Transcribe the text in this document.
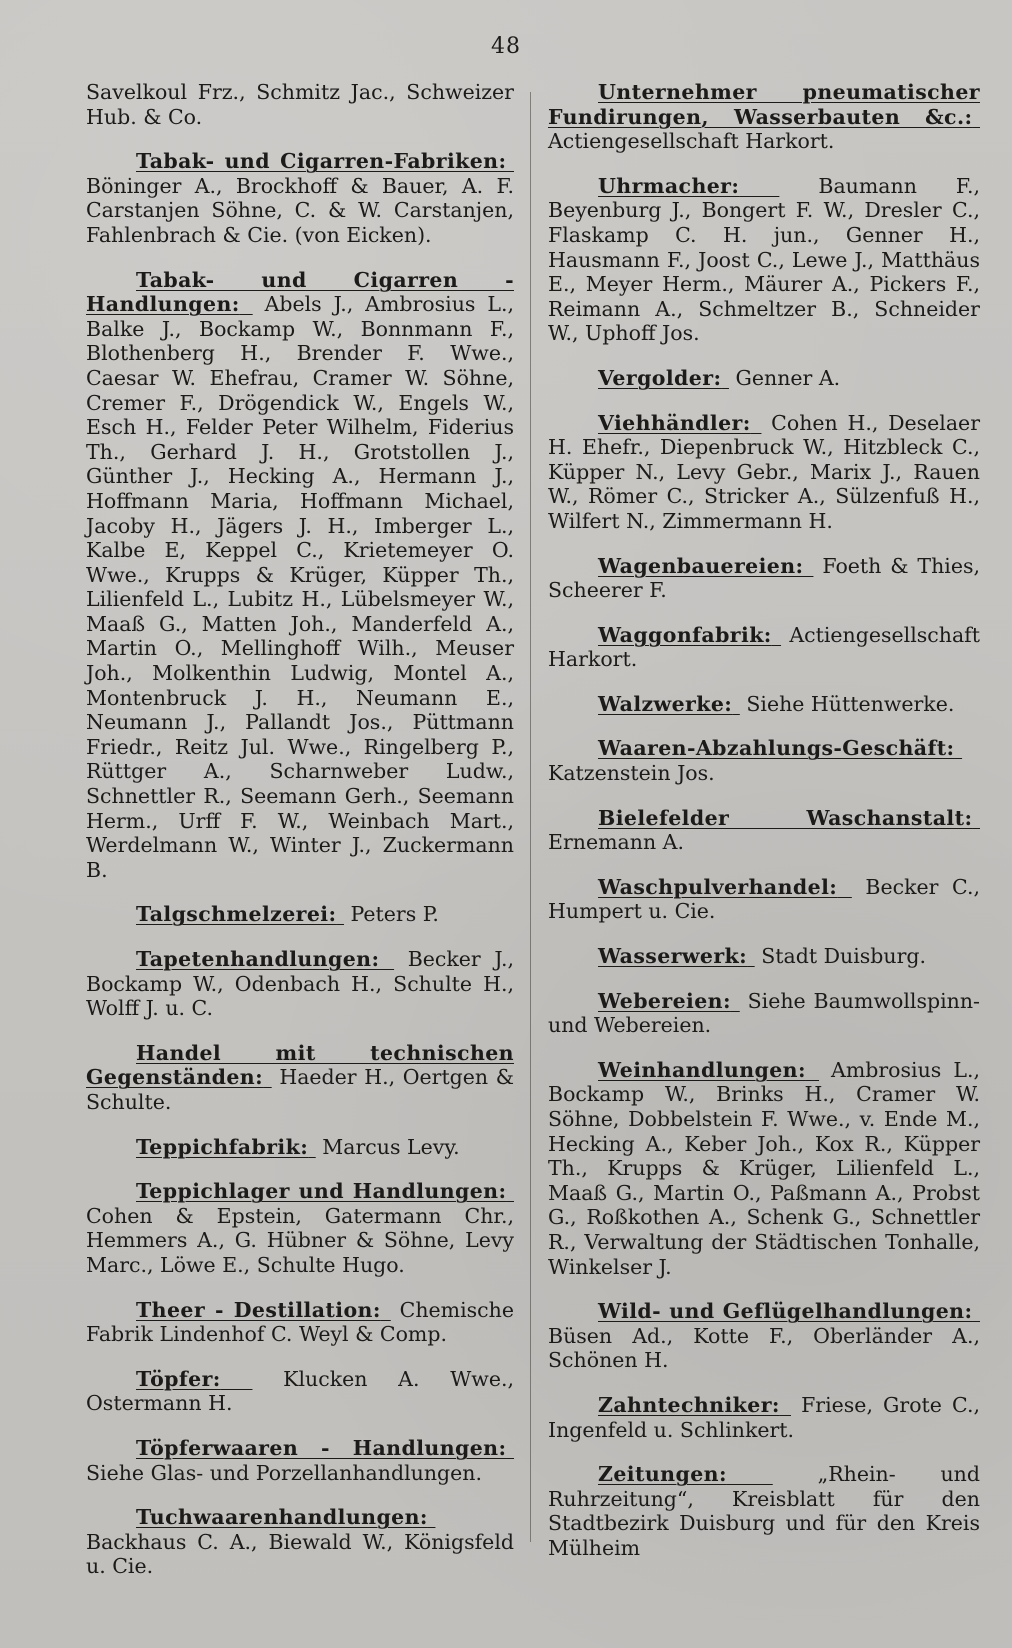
48

Savelkoul Frz., Schmitz Jac., Schweizer Hub. & Co.

Tabak- und Cigarren-Fabriken: Böninger A., Brockhoff & Bauer, A. F. Carstanjen Söhne, C. & W. Carstanjen, Fahlenbrach & Cie. (von Eicken).

Tabak- und Cigarren - Handlungen: Abels J., Ambrosius L., Balke J., Bockamp W., Bonnmann F., Blothenberg H., Brender F. Wwe., Caesar W. Ehefrau, Cramer W. Söhne, Cremer F., Drögendick W., Engels W., Esch H., Felder Peter Wilhelm, Fiderius Th., Gerhard J. H., Grotstollen J., Günther J., Hecking A., Hermann J., Hoffmann Maria, Hoffmann Michael, Jacoby H., Jägers J. H., Imberger L., Kalbe E, Keppel C., Krietemeyer O. Wwe., Krupps & Krüger, Küpper Th., Lilienfeld L., Lubitz H., Lübelsmeyer W., Maaß G., Matten Joh., Manderfeld A., Martin O., Mellinghoff Wilh., Meuser Joh., Molkenthin Ludwig, Montel A., Montenbruck J. H., Neumann E., Neumann J., Pallandt Jos., Püttmann Friedr., Reitz Jul. Wwe., Ringelberg P., Rüttger A., Scharnweber Ludw., Schnettler R., Seemann Gerh., Seemann Herm., Urff F. W., Weinbach Mart., Werdelmann W., Winter J., Zuckermann B.

Talgschmelzerei: Peters P.

Tapetenhandlungen: Becker J., Bockamp W., Odenbach H., Schulte H., Wolff J. u. C.

Handel mit technischen Gegenständen: Haeder H., Oertgen & Schulte.

Teppichfabrik: Marcus Levy.

Teppichlager und Handlungen: Cohen & Epstein, Gatermann Chr., Hemmers A., G. Hübner & Söhne, Levy Marc., Löwe E., Schulte Hugo.

Theer - Destillation: Chemische Fabrik Lindenhof C. Weyl & Comp.

Töpfer:	Klucken A. Wwe., Ostermann H.

Töpferwaaren - Handlungen: Siehe Glas- und Porzellanhandlungen.

Tuchwaarenhandlungen: Backhaus C. A., Biewald W., Königsfeld u. Cie.

Unternehmer pneumatischer Fundirungen, Wasserbauten &c.: Actiengesellschaft Harkort.

Uhrmacher:	Baumann F., Beyenburg J., Bongert F. W., Dresler C., Flaskamp C. H. jun., Genner H., Hausmann F., Joost C., Lewe J., Matthäus E., Meyer Herm., Mäurer A., Pickers F., Reimann A., Schmeltzer B., Schneider W., Uphoff Jos.

Vergolder: Genner A.

Viehhändler: Cohen H., Deselaer H. Ehefr., Diepenbruck W., Hitzbleck C., Küpper N., Levy Gebr., Marix J., Rauen W., Römer C., Stricker A., Sülzenfuß H., Wilfert N., Zimmermann H.

Wagenbauereien: Foeth & Thies, Scheerer F.

Waggonfabrik: Actiengesellschaft Harkort.

Walzwerke: Siehe Hüttenwerke.

Waaren-Abzahlungs-Geschäft: Katzenstein Jos.

Bielefelder Waschanstalt: Ernemann A.

Waschpulverhandel: Becker C., Humpert u. Cie.

Wasserwerk: Stadt Duisburg.

Webereien: Siehe Baumwollspinn- und Webereien.

Weinhandlungen: Ambrosius L., Bockamp W., Brinks H., Cramer W. Söhne, Dobbelstein F. Wwe., v. Ende M., Hecking A., Keber Joh., Kox R., Küpper Th., Krupps & Krüger, Lilienfeld L., Maaß G., Martin O., Paßmann A., Probst G., Roßkothen A., Schenk G., Schnettler R., Verwaltung der Städtischen Tonhalle, Winkelser J.

Wild- und Geflügelhandlungen: Büsen Ad., Kotte F., Oberländer A., Schönen H.

Zahntechniker: Friese, Grote C., Ingenfeld u. Schlinkert.

Zeitungen:	„Rhein- und Ruhrzeitung“, Kreisblatt für den Stadtbezirk Duisburg und für den Kreis Mülheim
